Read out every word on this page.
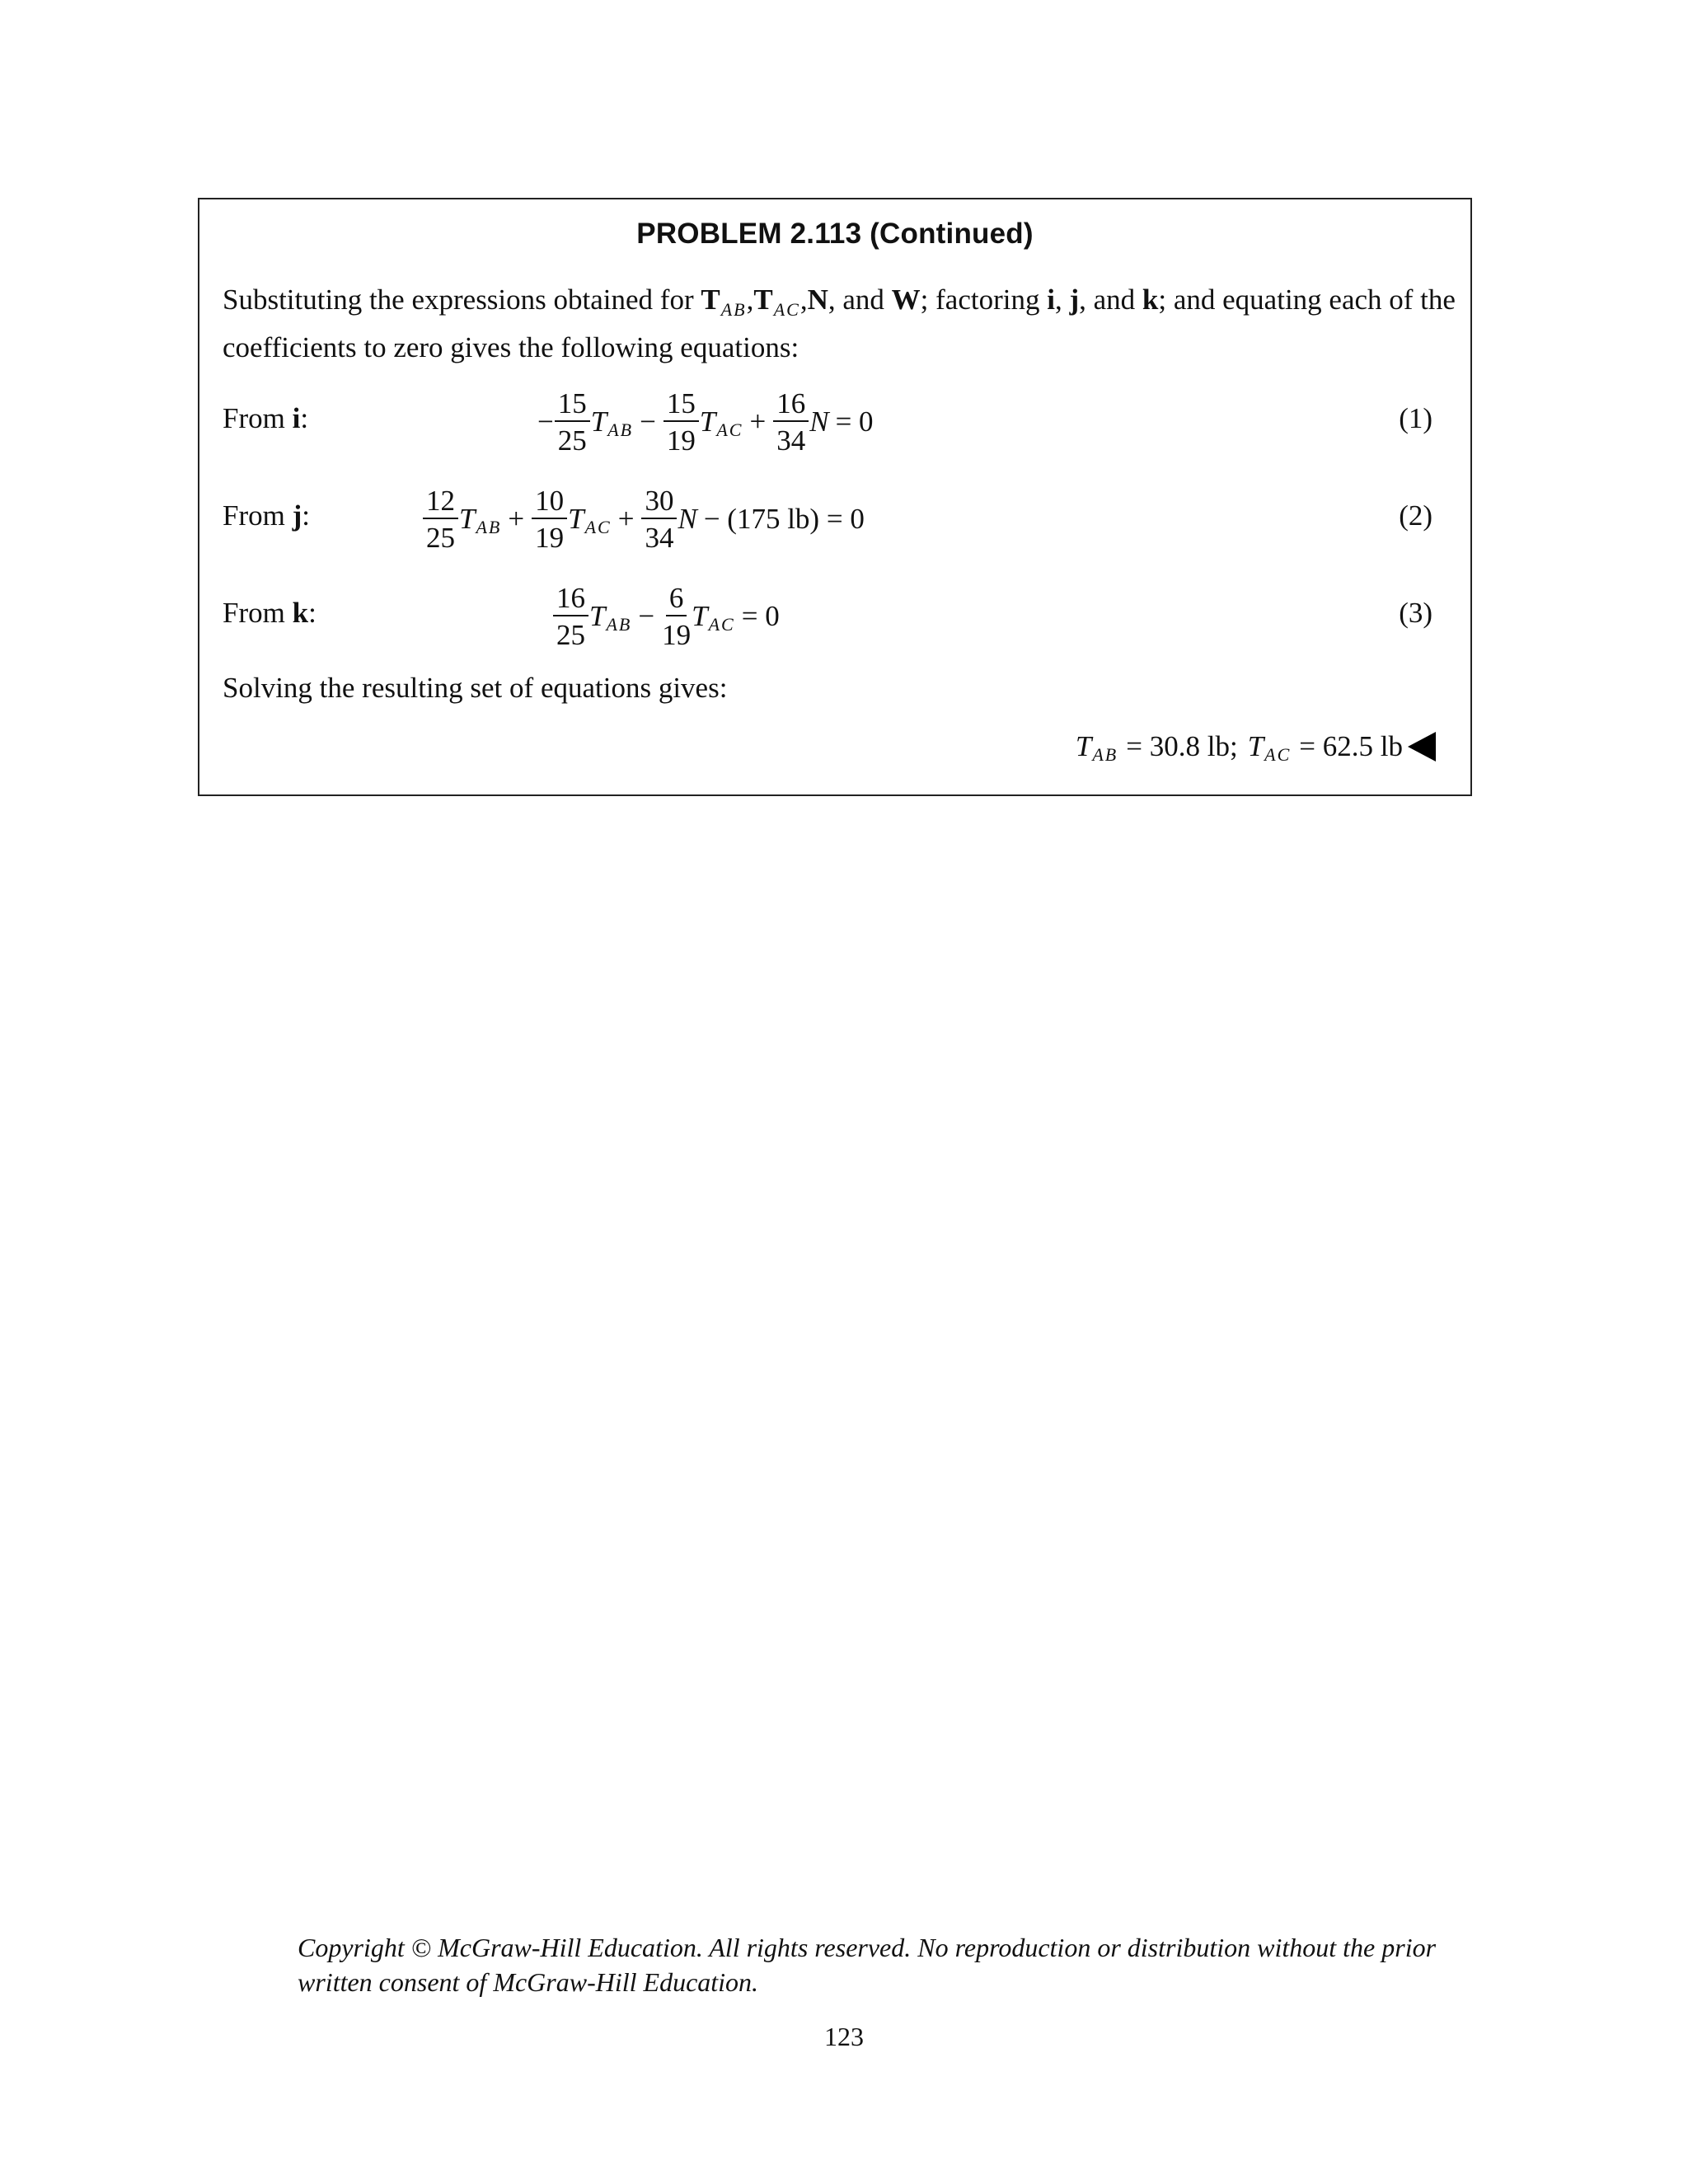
PROBLEM 2.113 (Continued)
Substituting the expressions obtained for $T_{AB},T_{AC},N$, and W; factoring i, j, and k; and equating each of the coefficients to zero gives the following equations:
From i:	− $\frac{15}{25}$ T AB − $\frac{15}{19}$ T AC + $\frac{16}{34}$ N = 0	(1)
From j:	$\frac{12}{25}$ T AB + $\frac{10}{19}$ T AC + $\frac{30}{34}$ N − (175 lb) = 0	(2)
From k:	$\frac{16}{25}$ T AB − $\frac{6}{19}$ T AC = 0	(3)
Solving the resulting set of equations gives:
T AB = 30.8 lb; T AC = 62.5 lb
Copyright © McGraw-Hill Education. All rights reserved. No reproduction or distribution without the prior written consent of McGraw-Hill Education.
123
